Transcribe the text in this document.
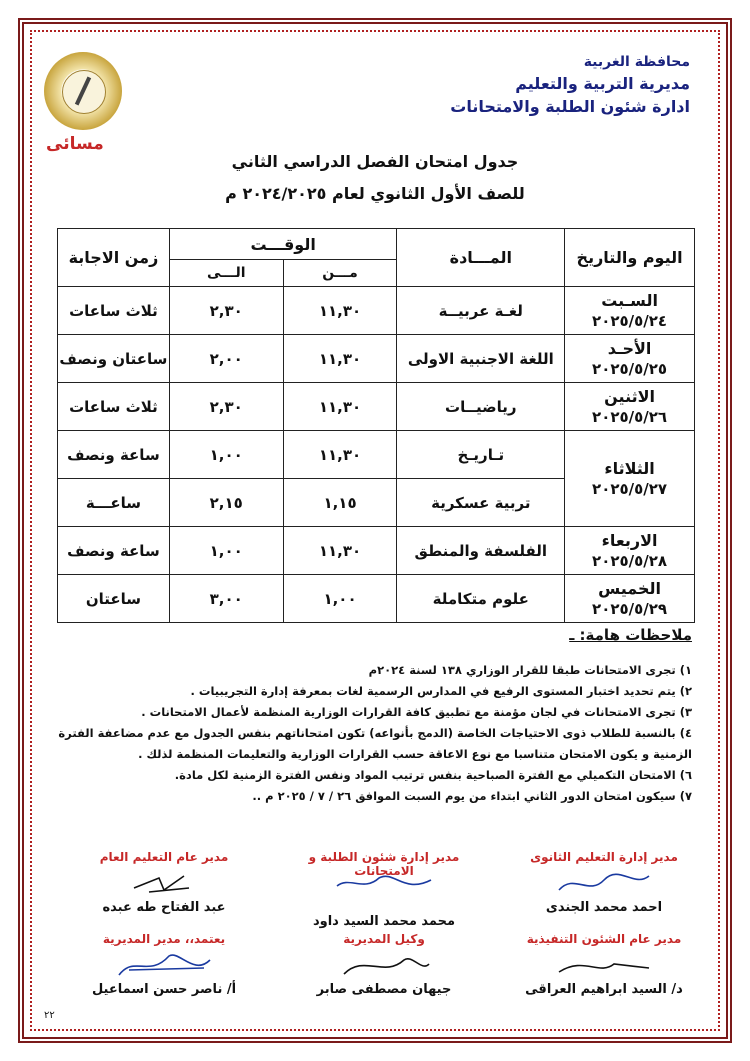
مسائى
محافظة الغربية
مديرية التربية والتعليم
ادارة شئون الطلبة والامتحانات
جدول امتحان الفصل الدراسي الثاني
للصف الأول الثانوي لعام ٢٠٢٤/٢٠٢٥ م
اليوم والتاريخ	المـــادة	الوقـــت		زمن الاجابة
		مـــن	الـــى	

السـبت
٢٠٢٥/٥/٢٤	لغـة عربيــة	١١,٣٠	٢,٣٠	ثلاث ساعات

الأحـد
٢٠٢٥/٥/٢٥	اللغة الاجنبية الاولى	١١,٣٠	٢,٠٠	ساعتان ونصف

الاثنين
٢٠٢٥/٥/٢٦	رياضيــات	١١,٣٠	٢,٣٠	ثلاث ساعات

الثلاثاء
٢٠٢٥/٥/٢٧	تـاريـخ	١١,٣٠	١,٠٠	ساعة ونصف
	تربية عسكرية	١,١٥	٢,١٥	ساعـــة

الاربعاء
٢٠٢٥/٥/٢٨	الفلسفة والمنطق	١١,٣٠	١,٠٠	ساعة ونصف

الخميس
٢٠٢٥/٥/٢٩	علوم متكاملة	١,٠٠	٣,٠٠	ساعتان
ملاحظات هامة: ـ
١) تجرى الامتحانات طبقا للقرار الوزاري ١٣٨ لسنة ٢٠٢٤م
٢) يتم تحديد اختبار المستوى الرفيع في المدارس الرسمية لغات بمعرفة إدارة التجريبيات .
٣) تجرى الامتحانات في لجان مؤمنة مع تطبيق كافة القرارات الوزارية المنظمة لأعمال الامتحانات .
٤) بالنسبة للطلاب ذوى الاحتياجات الخاصة (الدمج بأنواعه) تكون امتحاناتهم بنفس الجدول مع عدم مضاعفة الفترة الزمنية و يكون الامتحان متناسبا مع نوع الاعاقة حسب القرارات الوزارية والتعليمات المنظمة لذلك .
٦) الامتحان التكميلي مع الفترة الصباحية بنفس ترتيب المواد ونفس الفترة الزمنية لكل مادة.
٧) سيكون امتحان الدور الثاني ابتداء من يوم السبت الموافق ٢٦ / ٧ / ٢٠٢٥ م ..
مدير إدارة التعليم الثانوى
احمد محمد الجندى
مدير إدارة شئون الطلبة و الامتحانات
محمد محمد السيد داود
مدير عام التعليم العام
عبد الفتاح طه عبده
مدير عام الشئون التنفيذية
د/ السيد ابراهيم العراقى
وكيل المديرية
جيهان مصطفى صابر
يعتمد،، مدير المديرية
أ/ ناصر حسن اسماعيل
٢٢
